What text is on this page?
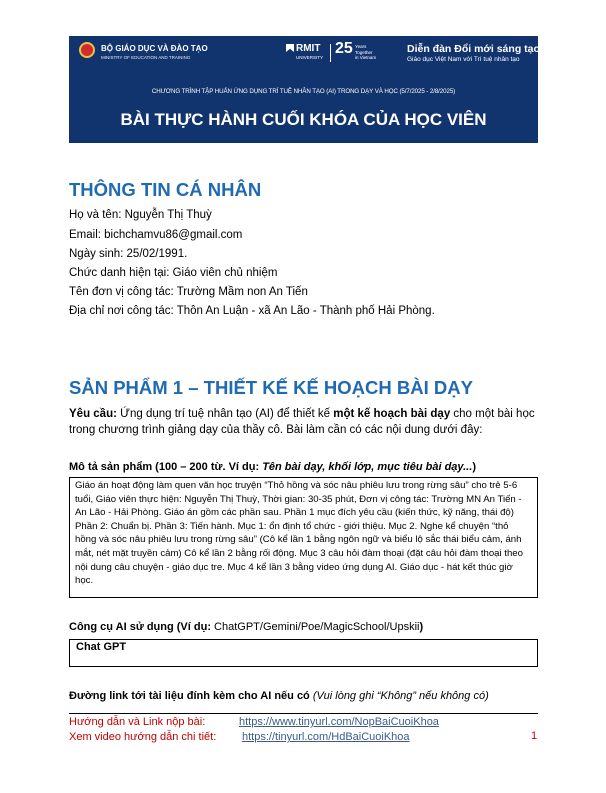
BỘ GIÁO DỤC VÀ ĐÀO TẠO
MINISTRY OF EDUCATION AND TRAINING
RMIT
UNIVERSITY
25 Years
Together
in Vietnam
Diễn đàn Đổi mới sáng tạo
Giáo dục Việt Nam với Trí tuệ nhân tạo
CHƯƠNG TRÌNH TẬP HUẤN ỨNG DỤNG TRÍ TUỆ NHÂN TẠO (AI) TRONG DẠY VÀ HỌC (5/7/2025 - 2/8/2025)
BÀI THỰC HÀNH CUỐI KHÓA CỦA HỌC VIÊN
THÔNG TIN CÁ NHÂN
Họ và tên: Nguyễn Thị Thuỳ
Email: bichchamvu86@gmail.com
Ngày sinh: 25/02/1991.
Chức danh hiện tại: Giáo viên chủ nhiệm
Tên đơn vị công tác: Trường Mầm non An Tiến
Địa chỉ nơi công tác: Thôn An Luận - xã An Lão - Thành phố Hải Phòng.
SẢN PHẨM 1 – THIẾT KẾ KẾ HOẠCH BÀI DẠY
Yêu cầu: Ứng dụng trí tuệ nhân tạo (AI) để thiết kế một kế hoạch bài dạy cho một bài học trong chương trình giảng dạy của thầy cô. Bài làm cần có các nội dung dưới đây:
Mô tả sản phẩm (100 – 200 từ. Ví dụ: Tên bài dạy, khối lớp, mục tiêu bài dạy...)
Giáo án hoạt động làm quen văn học truyện “Thỏ hồng và sóc nâu phiêu lưu trong rừng sâu” cho trẻ 5-6 tuổi, Giáo viên thực hiện: Nguyễn Thị Thuỳ, Thời gian: 30-35 phút, Đơn vị công tác: Trường MN An Tiến - An Lão - Hải Phòng. Giáo án gồm các phần sau. Phần 1 mục đích yêu cầu (kiến thức, kỹ năng, thái độ) Phần 2: Chuẩn bị. Phần 3: Tiến hành. Mục 1: ổn định tổ chức - giới thiệu. Mục 2. Nghe kể chuyện “thỏ hồng và sóc nâu phiêu lưu trong rừng sâu” (Cô kể lần 1 bằng ngôn ngữ và biểu lộ sắc thái biểu cảm, ánh mắt, nét mặt truyền cảm) Cô kể lần 2 bằng rối động. Mục 3 câu hỏi đàm thoại (đặt câu hỏi đàm thoại theo nội dung câu chuyện - giáo dục tre. Mục 4 kể lần 3 bằng video ứng dụng AI. Giáo dục - hát kết thúc giờ học.
Công cụ AI sử dụng (Ví dụ: ChatGPT/Gemini/Poe/MagicSchool/Upskii)
Chat GPT
Đường link tới tài liệu đính kèm cho AI nếu có (Vui lòng ghi “Không” nếu không có)
Hướng dẫn và Link nộp bài:	https://www.tinyurl.com/NopBaiCuoiKhoa
Xem video hướng dẫn chi tiết: https://tinyurl.com/HdBaiCuoiKhoa	1
